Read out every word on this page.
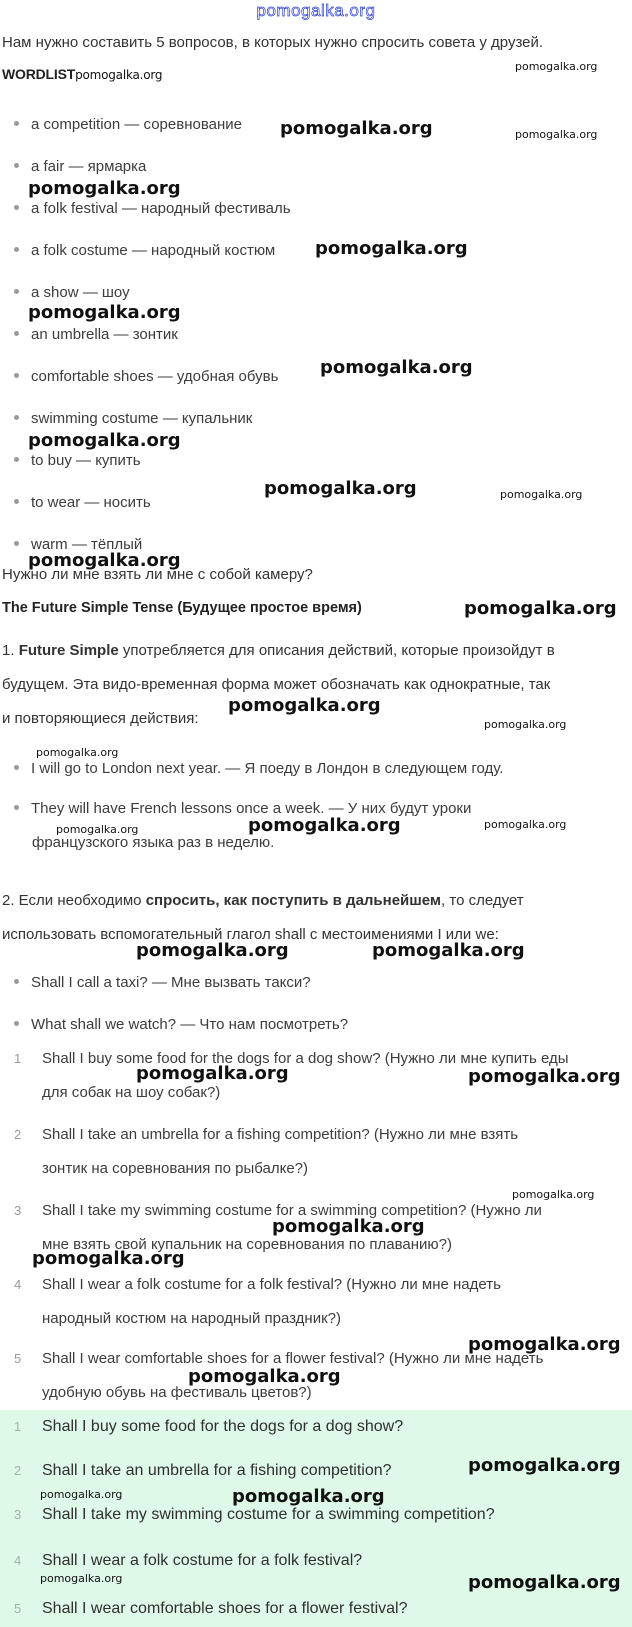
pomogalka.org
Нам нужно составить 5 вопросов, в которых нужно спросить совета у друзей.
WORDLISTpomogalka.org
pomogalka.org
a competition — соревнование
a fair — ярмарка
a folk festival — народный фестиваль
a folk costume — народный костюм
a show — шоу
an umbrella — зонтик
comfortable shoes — удобная обувь
swimming costume — купальник
to buy — купить
to wear — носить
warm — тёплый
pomogalka.org	pomogalka.org
pomogalka.org
pomogalka.org
pomogalka.org
pomogalka.org
pomogalka.org
pomogalka.org	pomogalka.org
pomogalka.org
Нужно ли мне взять ли мне с собой камеру?
The Future Simple Tense (Будущее простое время)	pomogalka.org
1. Future Simple употребляется для описания действий, которые произойдут в
будущем. Эта видо-временная форма может обозначать как однократные, так
и повторяющиеся действия:
pomogalka.org
pomogalka.org
pomogalka.org
I will go to London next year. — Я поеду в Лондон в следующем году.
They will have French lessons once a week. — У них будут уроки
французского языка раз в неделю.
pomogalka.org	pomogalka.org	pomogalka.org
2. Если необходимо спросить, как поступить в дальнейшем, то следует
использовать вспомогательный глагол shall с местоимениями I или we:
pomogalka.org	pomogalka.org
Shall I call a taxi? — Мне вызвать такси?
What shall we watch? — Что нам посмотреть?
1 Shall I buy some food for the dogs for a dog show? (Нужно ли мне купить еды
для собак на шоу собак?)
pomogalka.org	pomogalka.org
2 Shall I take an umbrella for a fishing competition? (Нужно ли мне взять
зонтик на соревнования по рыбалке?)
pomogalka.org
3 Shall I take my swimming costume for a swimming competition? (Нужно ли
мне взять свой купальник на соревнования по плаванию?)
pomogalka.org
pomogalka.org
4 Shall I wear a folk costume for a folk festival? (Нужно ли мне надеть
народный костюм на народный праздник?)
pomogalka.org
5 Shall I wear comfortable shoes for a flower festival? (Нужно ли мне надеть
удобную обувь на фестиваль цветов?)
pomogalka.org
1 Shall I buy some food for the dogs for a dog show?
2 Shall I take an umbrella for a fishing competition?	pomogalka.org
pomogalka.org	pomogalka.org
3 Shall I take my swimming costume for a swimming competition?
4 Shall I wear a folk costume for a folk festival?
pomogalka.org	pomogalka.org
5 Shall I wear comfortable shoes for a flower festival?
